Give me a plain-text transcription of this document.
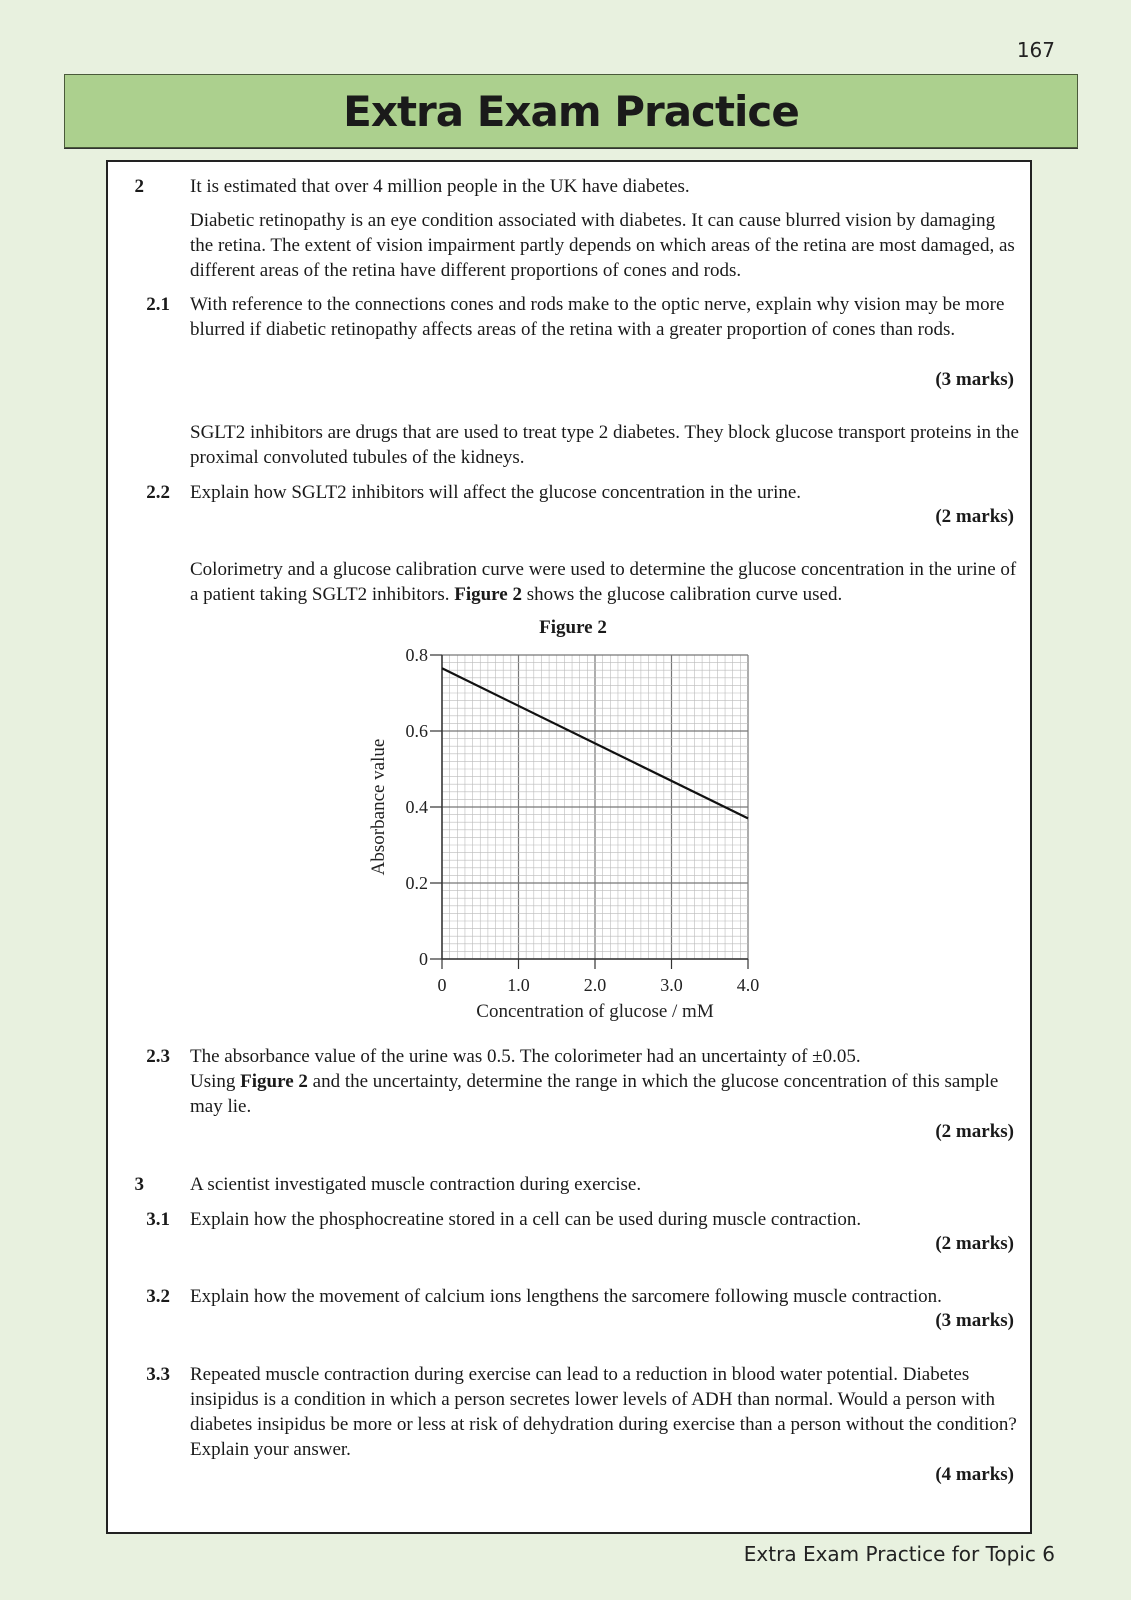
167
Extra Exam Practice
2 It is estimated that over 4 million people in the UK have diabetes.
Diabetic retinopathy is an eye condition associated with diabetes. It can cause blurred vision by damaging the retina. The extent of vision impairment partly depends on which areas of the retina are most damaged, as different areas of the retina have different proportions of cones and rods.
2.1 With reference to the connections cones and rods make to the optic nerve, explain why vision may be more blurred if diabetic retinopathy affects areas of the retina with a greater proportion of cones than rods.
(3 marks)
SGLT2 inhibitors are drugs that are used to treat type 2 diabetes. They block glucose transport proteins in the proximal convoluted tubules of the kidneys.
2.2 Explain how SGLT2 inhibitors will affect the glucose concentration in the urine.
(2 marks)
Colorimetry and a glucose calibration curve were used to determine the glucose concentration in the urine of a patient taking SGLT2 inhibitors. Figure 2 shows the glucose calibration curve used.
Figure 2
0
0.2
0.4
0.6
0.8
0	1.0	2.0	3.0	4.0
Concentration of glucose / mM
Absorbance value
2.3 The absorbance value of the urine was 0.5. The colorimeter had an uncertainty of ±0.05.
Using Figure 2 and the uncertainty, determine the range in which the glucose concentration of this sample may lie.
(2 marks)
3 A scientist investigated muscle contraction during exercise.
3.1 Explain how the phosphocreatine stored in a cell can be used during muscle contraction.
(2 marks)
3.2 Explain how the movement of calcium ions lengthens the sarcomere following muscle contraction.
(3 marks)
3.3 Repeated muscle contraction during exercise can lead to a reduction in blood water potential. Diabetes insipidus is a condition in which a person secretes lower levels of ADH than normal. Would a person with diabetes insipidus be more or less at risk of dehydration during exercise than a person without the condition? Explain your answer.
(4 marks)
Extra Exam Practice for Topic 6
